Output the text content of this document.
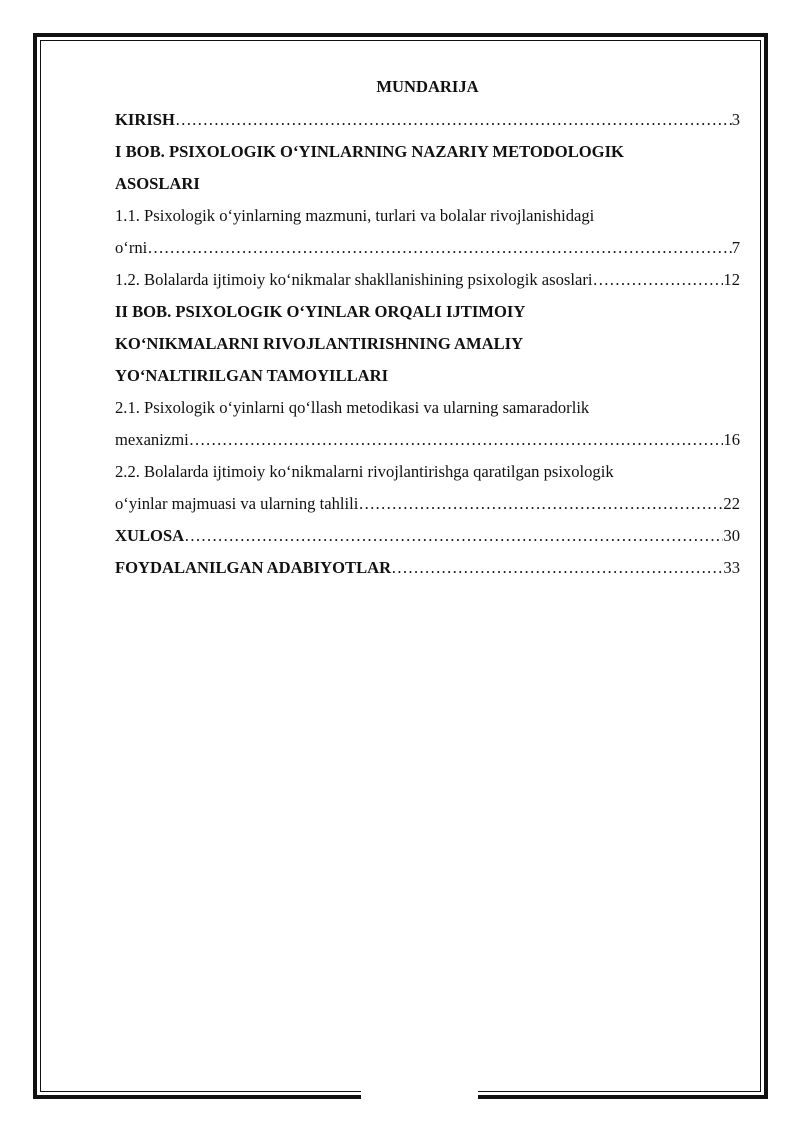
MUNDARIJA
KIRISH …………………………………………………………………………………………………………………………………………………………………………………………	3
I BOB. PSIXOLOGIK O‘YINLARNING NAZARIY METODOLOGIK
ASOSLARI
1.1. Psixologik o‘yinlarning mazmuni, turlari va bolalar rivojlanishidagi
o‘rni …………………………………………………………………………………………………………………………………………………………………………………………	7
1.2. Bolalarda ijtimoiy ko‘nikmalar shakllanishining psixologik asoslari …………………………………………………………………………………………………………………………………………………………………………………………	12
II BOB. PSIXOLOGIK O‘YINLAR ORQALI IJTIMOIY
KO‘NIKMALARNI RIVOJLANTIRISHNING AMALIY
YO‘NALTIRILGAN TAMOYILLARI
2.1. Psixologik o‘yinlarni qo‘llash metodikasi va ularning samaradorlik
mexanizmi …………………………………………………………………………………………………………………………………………………………………………………………	16
2.2. Bolalarda ijtimoiy ko‘nikmalarni rivojlantirishga qaratilgan psixologik
o‘yinlar majmuasi va ularning tahlili …………………………………………………………………………………………………………………………………………………………………………………………	22
XULOSA …………………………………………………………………………………………………………………………………………………………………………………………	30
FOYDALANILGAN ADABIYOTLAR …………………………………………………………………………………………………………………………………………………………………………………………	33
